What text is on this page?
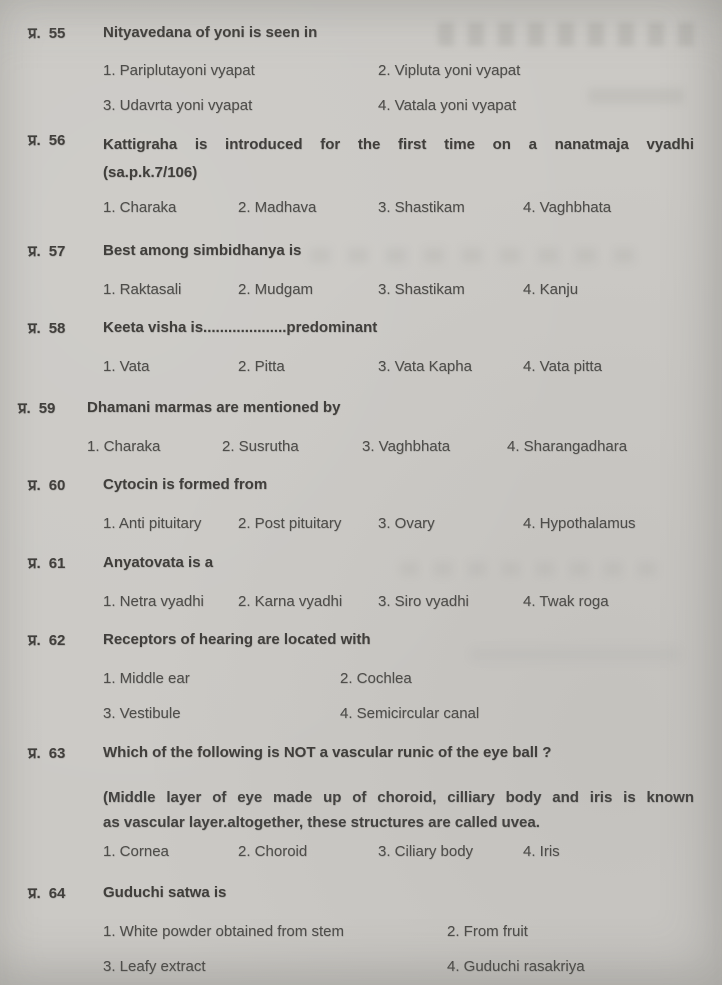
प्र. 55	Nityavedana of yoni is seen in
1. Pariplutayoni vyapat	2. Vipluta yoni vyapat
3. Udavrta yoni vyapat	4. Vatala yoni vyapat
प्र. 56	Kattigraha is introduced for the first time on a nanatmaja vyadhi
(sa.p.k.7/106)
1. Charaka	2. Madhava	3. Shastikam	4. Vaghbhata
प्र. 57	Best among simbidhanya is
1. Raktasali	2. Mudgam	3. Shastikam	4. Kanju
प्र. 58	Keeta visha is....................predominant
1. Vata	2. Pitta	3. Vata Kapha	4. Vata pitta
प्र. 59 Dhamani marmas are mentioned by
1. Charaka	2. Susrutha	3. Vaghbhata	4. Sharangadhara
प्र. 60	Cytocin is formed from
1. Anti pituitary	2. Post pituitary	3. Ovary	4. Hypothalamus
प्र. 61	Anyatovata is a
1. Netra vyadhi	2. Karna vyadhi	3. Siro vyadhi	4. Twak roga
प्र. 62	Receptors of hearing are located with
1. Middle ear	2. Cochlea
3. Vestibule	4. Semicircular canal
प्र. 63	Which of the following is NOT a vascular runic of the eye ball ?
(Middle layer of eye made up of choroid, cilliary body and iris is known
as vascular layer.altogether, these structures are called uvea.
1. Cornea	2. Choroid	3. Ciliary body	4. Iris
प्र. 64	Guduchi satwa is
1. White powder obtained from stem	2. From fruit
3. Leafy extract	4. Guduchi rasakriya
